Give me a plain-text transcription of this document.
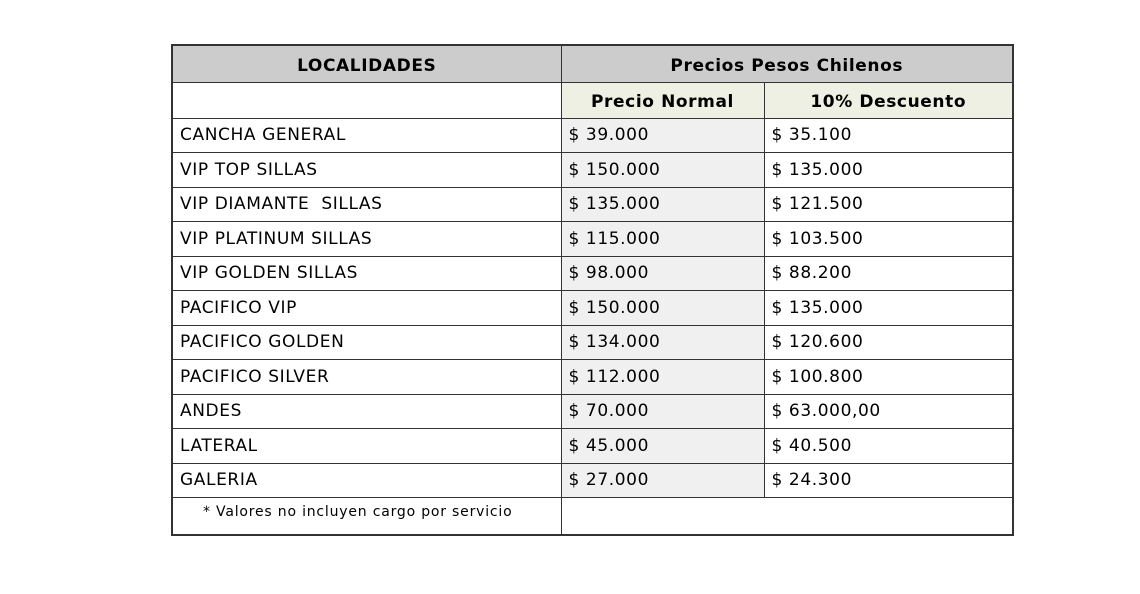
LOCALIDADES	Precios Pesos Chilenos	
	Precio Normal	10% Descuento
CANCHA GENERAL	$ 39.000	$ 35.100
VIP TOP SILLAS	$ 150.000	$ 135.000
VIP DIAMANTE  SILLAS	$ 135.000	$ 121.500
VIP PLATINUM SILLAS	$ 115.000	$ 103.500
VIP GOLDEN SILLAS	$ 98.000	$ 88.200
PACIFICO VIP	$ 150.000	$ 135.000
PACIFICO GOLDEN	$ 134.000	$ 120.600
PACIFICO SILVER	$ 112.000	$ 100.800
ANDES	$ 70.000	$ 63.000,00
LATERAL	$ 45.000	$ 40.500
GALERIA	$ 27.000	$ 24.300
* Valores no incluyen cargo por servicio		
